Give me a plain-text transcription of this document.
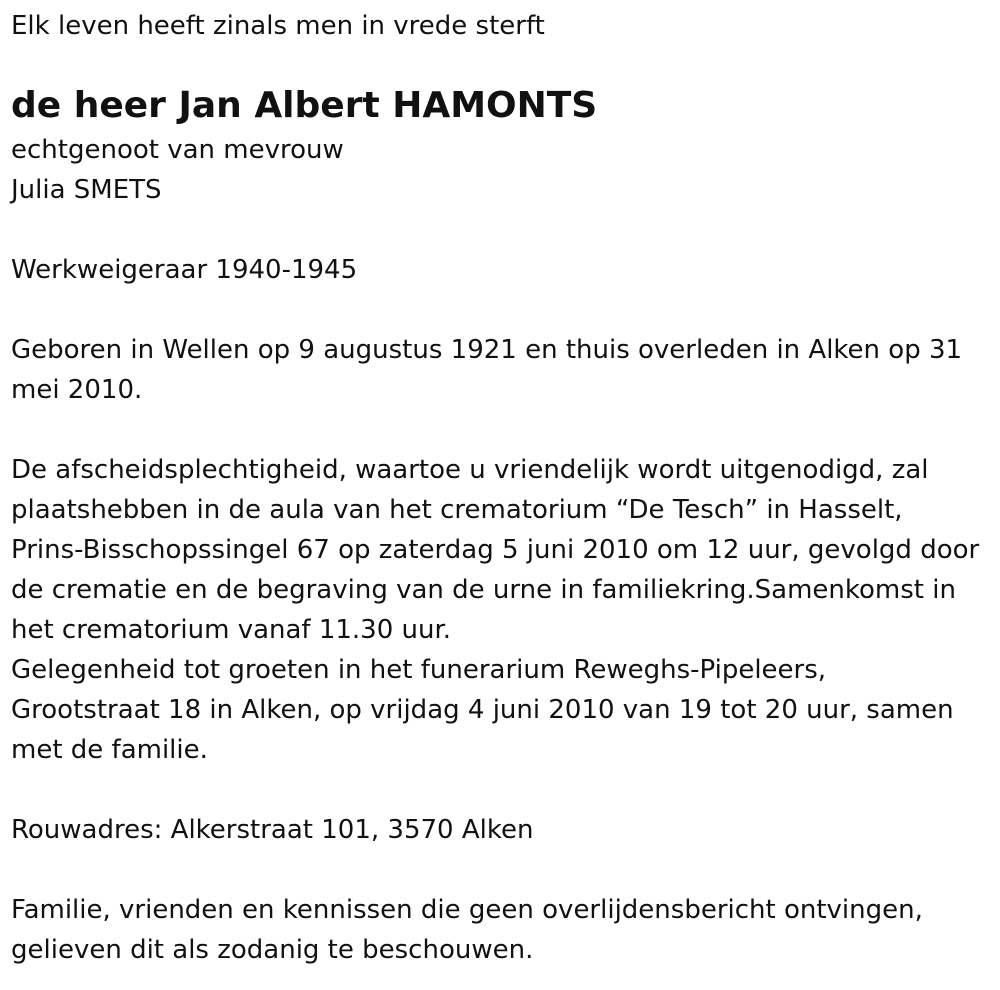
Elk leven heeft zinals men in vrede sterft

de heer Jan Albert HAMONTS

echtgenoot van mevrouw

Julia SMETS

Werkweigeraar 1940-1945

Geboren in Wellen op 9 augustus 1921 en thuis overleden in Alken op 31

mei 2010.

De afscheidsplechtigheid, waartoe u vriendelijk wordt uitgenodigd, zal

plaatshebben in de aula van het crematorium “De Tesch” in Hasselt,

Prins-Bisschopssingel 67 op zaterdag 5 juni 2010 om 12 uur, gevolgd door

de crematie en de begraving van de urne in familiekring.Samenkomst in

het crematorium vanaf 11.30 uur.

Gelegenheid tot groeten in het funerarium Reweghs-Pipeleers,

Grootstraat 18 in Alken, op vrijdag 4 juni 2010 van 19 tot 20 uur, samen

met de familie.

Rouwadres: Alkerstraat 101, 3570 Alken

Familie, vrienden en kennissen die geen overlijdensbericht ontvingen,

gelieven dit als zodanig te beschouwen.
